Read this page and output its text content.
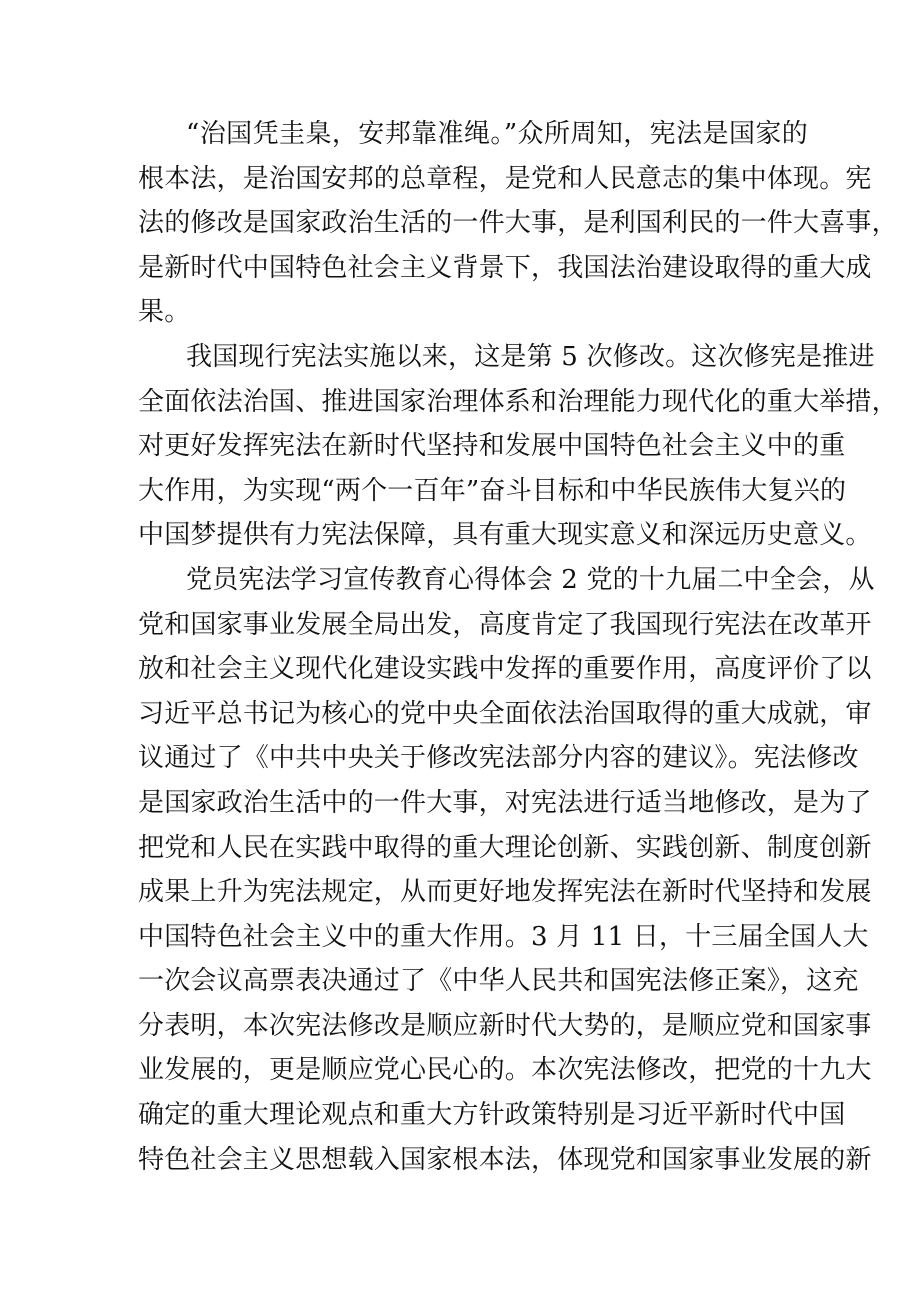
“治国凭圭臬，安邦靠准绳。”众所周知，宪法是国家的
根本法，是治国安邦的总章程，是党和人民意志的集中体现。宪
法的修改是国家政治生活的一件大事，是利国利民的一件大喜事，
是新时代中国特色社会主义背景下，我国法治建设取得的重大成
果。
我国现行宪法实施以来，这是第 5 次修改。这次修宪是推进
全面依法治国、推进国家治理体系和治理能力现代化的重大举措，
对更好发挥宪法在新时代坚持和发展中国特色社会主义中的重
大作用，为实现“两个一百年”奋斗目标和中华民族伟大复兴的
中国梦提供有力宪法保障，具有重大现实意义和深远历史意义。
党员宪法学习宣传教育心得体会 2 党的十九届二中全会，从
党和国家事业发展全局出发，高度肯定了我国现行宪法在改革开
放和社会主义现代化建设实践中发挥的重要作用，高度评价了以
习近平总书记为核心的党中央全面依法治国取得的重大成就，审
议通过了《中共中央关于修改宪法部分内容的建议》。宪法修改
是国家政治生活中的一件大事，对宪法进行适当地修改，是为了
把党和人民在实践中取得的重大理论创新、实践创新、制度创新
成果上升为宪法规定，从而更好地发挥宪法在新时代坚持和发展
中国特色社会主义中的重大作用。3 月 11 日，十三届全国人大
一次会议高票表决通过了《中华人民共和国宪法修正案》，这充
分表明，本次宪法修改是顺应新时代大势的，是顺应党和国家事
业发展的，更是顺应党心民心的。本次宪法修改，把党的十九大
确定的重大理论观点和重大方针政策特别是习近平新时代中国
特色社会主义思想载入国家根本法，体现党和国家事业发展的新
